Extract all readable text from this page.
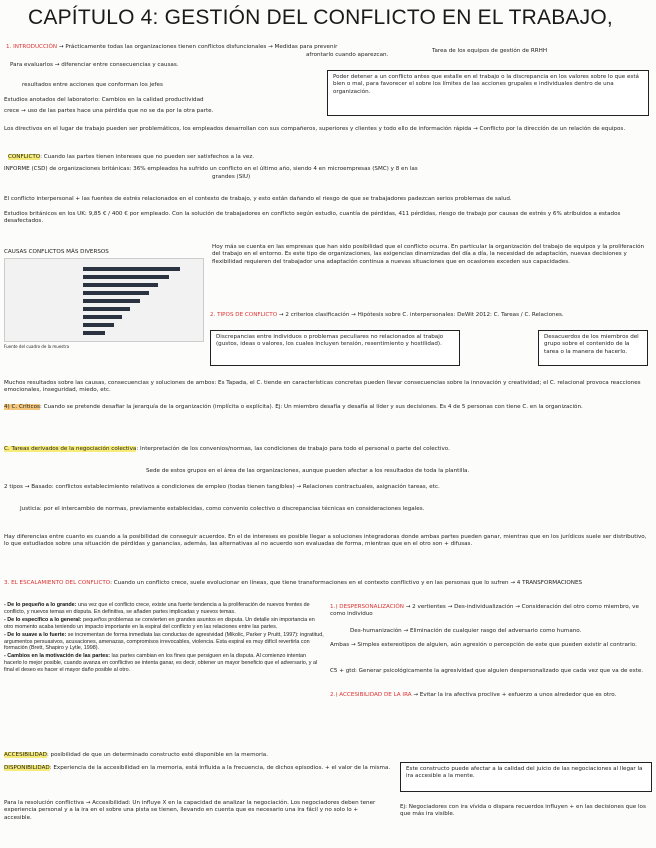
CAPÍTULO 4: GESTIÓN DEL CONFLICTO EN EL TRABAJO,
1. INTRODUCCIÓN → Prácticamente todas las organizaciones tienen conflictos disfuncionales → Medidas para prevenir
afrontarlo cuando aparezcan.
Tarea de los equipos de gestión de RRHH
Para evaluarlos → diferenciar entre consecuencias y causas.
resultados entre acciones que conforman los jefes
Estudios anotados del laboratorio: Cambios en la calidad productividad
crece → uso de las partes hace una pérdida que no se da por la otra parte.
Poder detener a un conflicto antes que estalle en el trabajo o la discrepancia en los valores sobre lo que está bien o mal, para favorecer el sobre los límites de las acciones grupales e individuales dentro de una organización.
Los directivos en el lugar de trabajo pueden ser problemáticos, los empleados desarrollan con sus compañeros, superiores y clientes y todo ello de información rápida → Conflicto por la dirección de un relación de equipos.
CONFLICTO: Cuando las partes tienen intereses que no pueden ser satisfechos a la vez.
INFORME (CSD) de organizaciones británicas: 36% empleados ha sufrido un conflicto en el último año, siendo 4 en microempresas (SMC) y 8 en las
grandes (SIU)
El conflicto interpersonal + las fuentes de estrés relacionados en el contexto de trabajo, y esto están dañando el riesgo de que se trabajadores padezcan serios problemas de salud.
Estudios británicos en los UK: 9,85 € / 400 € por empleado. Con la solución de trabajadores en conflicto según estudio, cuantía de pérdidas, 411 pérdidas, riesgo de trabajo por causas de estrés y 6% atribuidos a estados desafectados.
CAUSAS CONFLICTOS MÁS DIVERSOS
Fuente del cuadro de la muestra
Hoy más se cuenta en las empresas que han sido posibilidad que el conflicto ocurra. En particular la organización del trabajo de equipos y la proliferación del trabajo en el entorno. Es este tipo de organizaciones, las exigencias dinamizadas del día a día, la necesidad de adaptación, nuevas decisiones y flexibilidad requieren del trabajador una adaptación continua a nuevas situaciones que en ocasiones exceden sus capacidades.
2. TIPOS DE CONFLICTO → 2 criterios clasificación → Hipótesis sobre C. interpersonales: DeWit 2012: C. Tareas / C. Relaciones.
Discrepancias entre individuos o problemas peculiares no relacionados al trabajo (gustos, ideas o valores, los cuales incluyen tensión, resentimiento y hostilidad).
Desacuerdos de los miembros del grupo sobre el contenido de la tarea o la manera de hacerlo.
Muchos resultados sobre las causas, consecuencias y soluciones de ambos: Es Tapada, el C. tiende en características concretas pueden llevar consecuencias sobre la innovación y creatividad; el C. relacional provoca reacciones emocionales, inseguridad, miedo, etc.
4) C. Críticos: Cuando se pretende desafiar la jerarquía de la organización (implícita o explícita). Ej: Un miembro desafía y desafía al líder y sus decisiones. Es 4 de 5 personas con tiene C. en la organización.
C. Tareas derivados de la negociación colectiva: Interpretación de los convenios/normas, las condiciones de trabajo para todo el personal o parte del colectivo.
Sede de estos grupos en el área de las organizaciones, aunque pueden afectar a los resultados de toda la plantilla.
2 tipos → Basado: conflictos establecimiento relativos a condiciones de empleo (todas tienen tangibles) → Relaciones contractuales, asignación tareas, etc.
Justicia: por el intercambio de normas, previamente establecidas, como convenio colectivo o discrepancias técnicas en consideraciones legales.
Hay diferencias entre cuanto es cuando a la posibilidad de conseguir acuerdos. En el de intereses es posible llegar a soluciones integradoras donde ambas partes pueden ganar, mientras que en los jurídicos suele ser distributivo, lo que estudiados sobre una situación de pérdidas y ganancias, además, las alternativas al no acuerdo son evaluadas de forma, mientras que en el otro son + difusas.
3. EL ESCALAMIENTO DEL CONFLICTO: Cuando un conflicto crece, suele evolucionar en líneas, que tiene transformaciones en el contexto conflictivo y en las personas que lo sufren → 4 TRANSFORMACIONES
- De lo pequeño a lo grande: una vez que el conflicto crece, existe una fuerte tendencia a la proliferación de nuevos frentes de conflicto, y nuevos temas en disputa. En definitiva, se añaden partes implicadas y nuevos temas.
- De lo específico a lo general: pequeños problemas se convierten en grandes asuntos en disputa. Un detalle sin importancia en otro momento acaba teniendo un impacto importante en la espiral del conflicto y en las relaciones entre las partes.
- De lo suave a lo fuerte: se incrementan de forma inmediata las conductas de agresividad (Mikolic, Parker y Pruitt, 1997): ingratitud, argumentos persuasivos, acusaciones, amenazas, compromisos irrevocables, violencia. Esta espiral es muy difícil revertirla con formación (Brett, Shapiro y Lytle, 1998).
- Cambios en la motivación de las partes: las partes cambian en los fines que persiguen en la disputa. Al comienzo intentan hacerlo lo mejor posible, cuando avanza en conflictivo se intenta ganar, es decir, obtener un mayor beneficio que el adversario, y al final el deseo es hacer el mayor daño posible al otro.
1.) DESPERSONALIZACIÓN → 2 vertientes → Des-individualización → Consideración del otro como miembro, ve como individuo
Des-humanización → Eliminación de cualquier rasgo del adversario como humano.
Ambas → Simples estereotipos de alguien, aún agresión o percepción de este que pueden existir al contrario.
C5 + gtd: Generar psicológicamente la agresividad que alguien despersonalizado que cada vez que va de este.
2.) ACCESIBILIDAD DE LA IRA → Evitar la ira afectiva proclive + esfuerzo a unos alrededor que es otro.
ACCESIBILIDAD: posibilidad de que un determinado constructo esté disponible en la memoria.
DISPONIBILIDAD: Experiencia de la accesibilidad en la memoria, está influida a la frecuencia, de dichos episodios. + el valor de la misma.	Este constructo puede afectar a la calidad del juicio de las negociaciones al llegar la ira accesible a la mente.
Para la resolución conflictiva → Accesibilidad: Un influye X en la capacidad de analizar la negociación. Los negociadores deben tener experiencia personal y a la ira en el sobre una pista se tienen, llevando en cuenta que es necesario una ira fácil y no solo lo + accesible.
Ej: Negociadores con ira vívida o dispara recuerdos influyen + en las decisiones que los que más ira visible.
